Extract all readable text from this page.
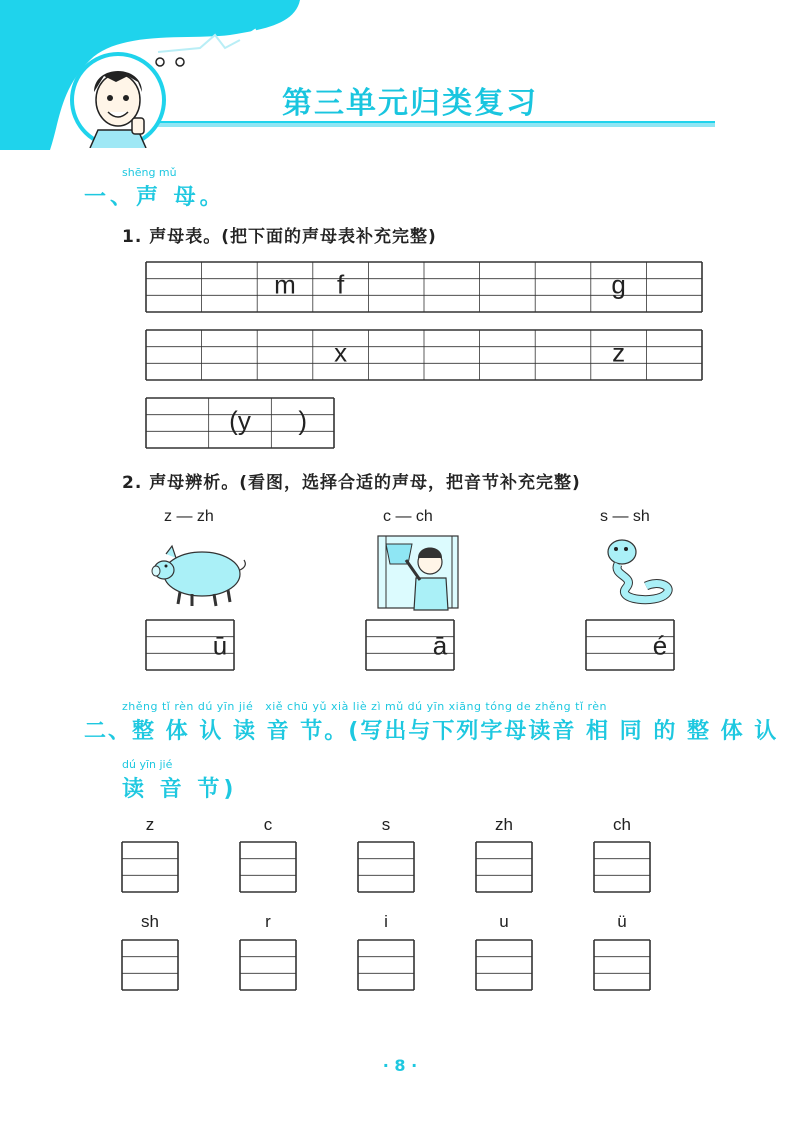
第三单元归类复习
shēng mǔ
一、声 母。
1. 声母表。(把下面的声母表补充完整)
m f	g
x	z
(y )
2. 声母辨析。(看图，选择合适的声母，把音节补充完整)
z — zh	c — ch	s — sh
ū	ā	é
zhěng tǐ rèn dú yīn jié   xiě chū yǔ xià liè zì mǔ dú yīn xiāng tóng de zhěng tǐ rèn
二、整 体 认 读 音 节。(写出与下列字母读音 相 同 的 整 体 认
dú yīn jié
读 音 节)
z	c	s	zh	ch
sh	r	i	u	ü
· 8 ·
